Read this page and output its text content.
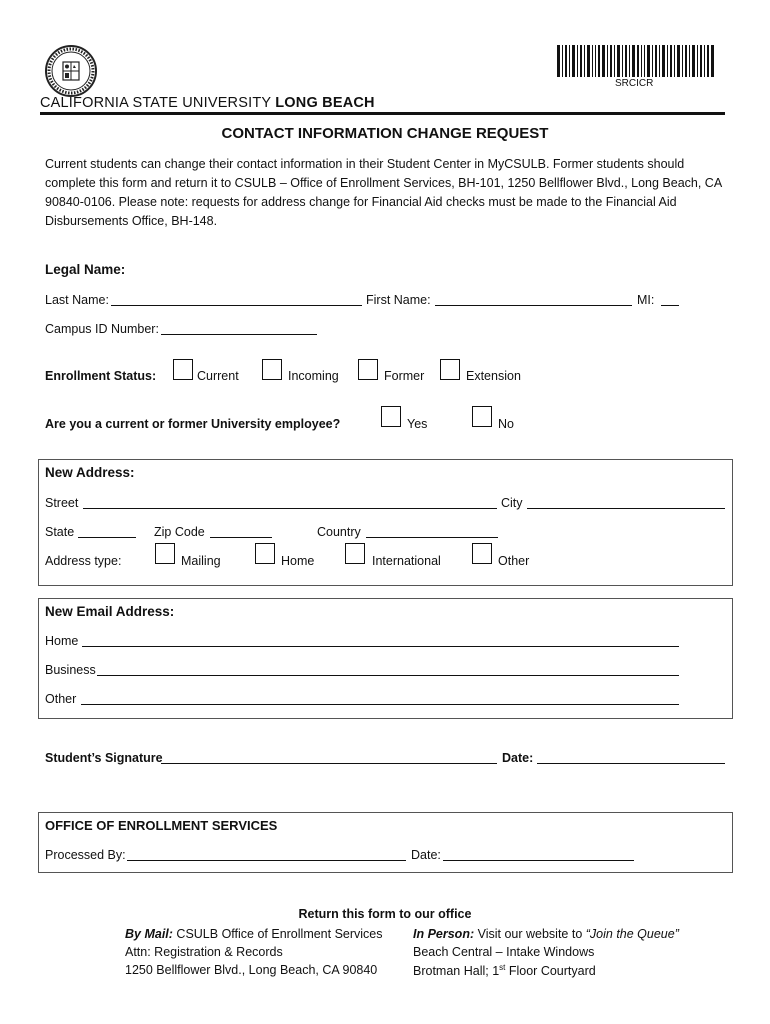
CALIFORNIA STATE UNIVERSITY LONG BEACH
SRCICR
CONTACT INFORMATION CHANGE REQUEST
Current students can change their contact information in their Student Center in MyCSULB. Former students should
complete this form and return it to CSULB – Office of Enrollment Services, BH-101, 1250 Bellflower Blvd., Long Beach, CA
90840-0106. Please note: requests for address change for Financial Aid checks must be made to the Financial Aid
Disbursements Office, BH-148.
Legal Name:
Last Name:	First Name:	MI:
Campus ID Number:
Enrollment Status:	Current	Incoming	Former	Extension
Are you a current or former University employee?	Yes	No
New Address:
Street	City
State	Zip Code	Country
Address type:	Mailing	Home	International	Other
New Email Address:
Home
Business
Other
Student’s Signature	Date:
OFFICE OF ENROLLMENT SERVICES
Processed By:	Date:
Return this form to our office
By Mail: CSULB Office of Enrollment Services
Attn: Registration & Records
1250 Bellflower Blvd., Long Beach, CA 90840
In Person: Visit our website to “Join the Queue”
Beach Central – Intake Windows
Brotman Hall; 1st Floor Courtyard
